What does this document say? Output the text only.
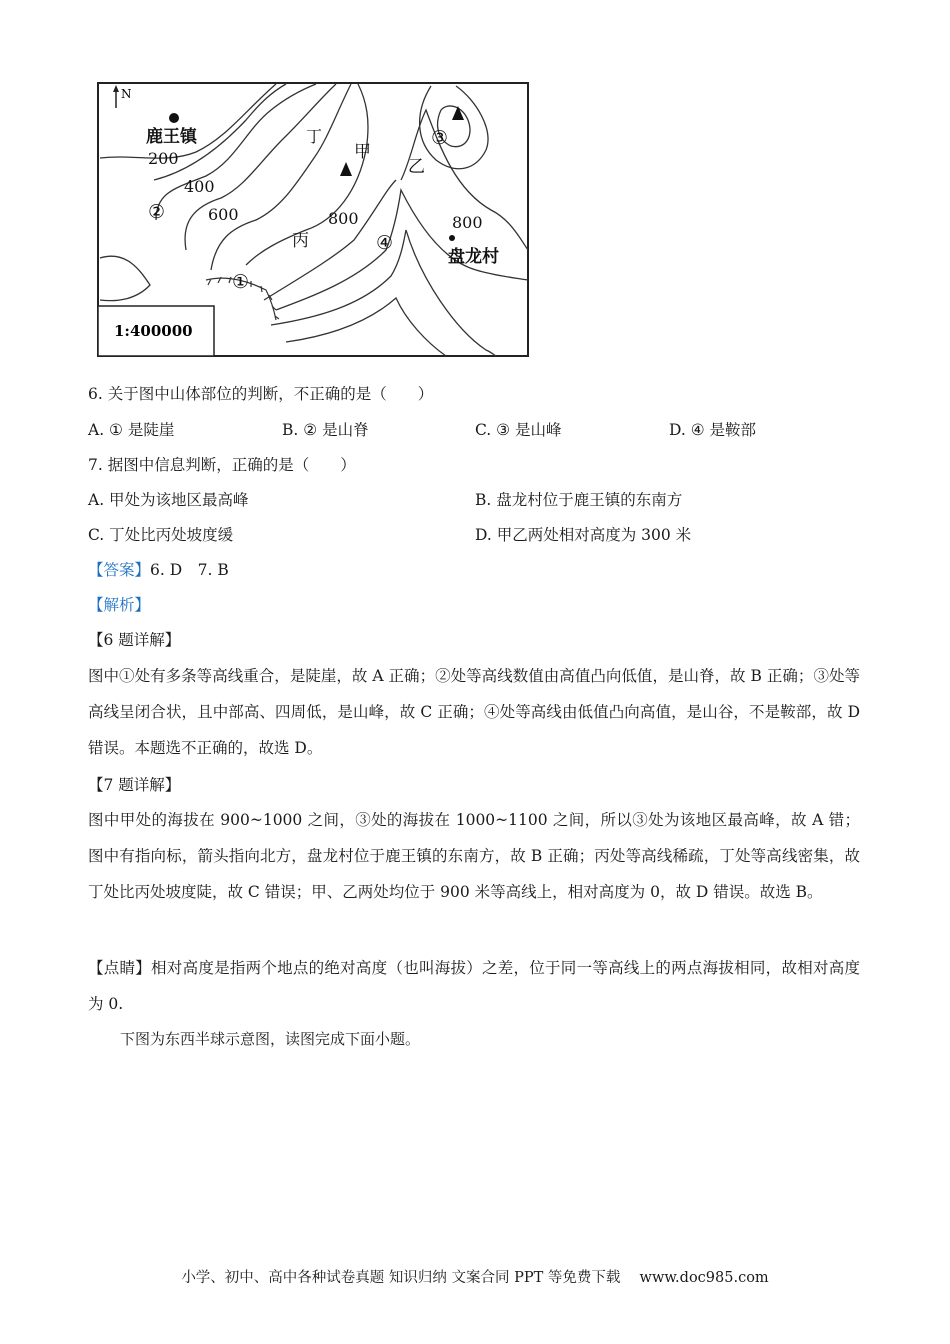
N
1:400000
鹿王镇
200
400
②	600
丁
甲
乙
③
800
丙	④
800
盘龙村
①
6. 关于图中山体部位的判断，不正确的是（　　）
A. ① 是陡崖	B. ② 是山脊	C. ③ 是山峰	D. ④ 是鞍部
7. 据图中信息判断，正确的是（　　）
A. 甲处为该地区最高峰	B. 盘龙村位于鹿王镇的东南方
C. 丁处比丙处坡度缓	D. 甲乙两处相对高度为 300 米
【答案】6. D　7. B
【解析】
【6 题详解】
图中①处有多条等高线重合，是陡崖，故 A 正确；②处等高线数值由高值凸向低值，是山脊，故 B 正确；③处等高线呈闭合状，且中部高、四周低，是山峰，故 C 正确；④处等高线由低值凸向高值，是山谷，不是鞍部，故 D 错误。本题选不正确的，故选 D。
【7 题详解】
图中甲处的海拔在 900~1000 之间，③处的海拔在 1000~1100 之间，所以③处为该地区最高峰，故 A 错；图中有指向标，箭头指向北方，盘龙村位于鹿王镇的东南方，故 B 正确；丙处等高线稀疏，丁处等高线密集，故丁处比丙处坡度陡，故 C 错误；甲、乙两处均位于 900 米等高线上，相对高度为 0，故 D 错误。故选 B。
【点睛】相对高度是指两个地点的绝对高度（也叫海拔）之差，位于同一等高线上的两点海拔相同，故相对高度为 0.
下图为东西半球示意图，读图完成下面小题。
小学、初中、高中各种试卷真题 知识归纳 文案合同 PPT 等免费下载　 www.doc985.com
